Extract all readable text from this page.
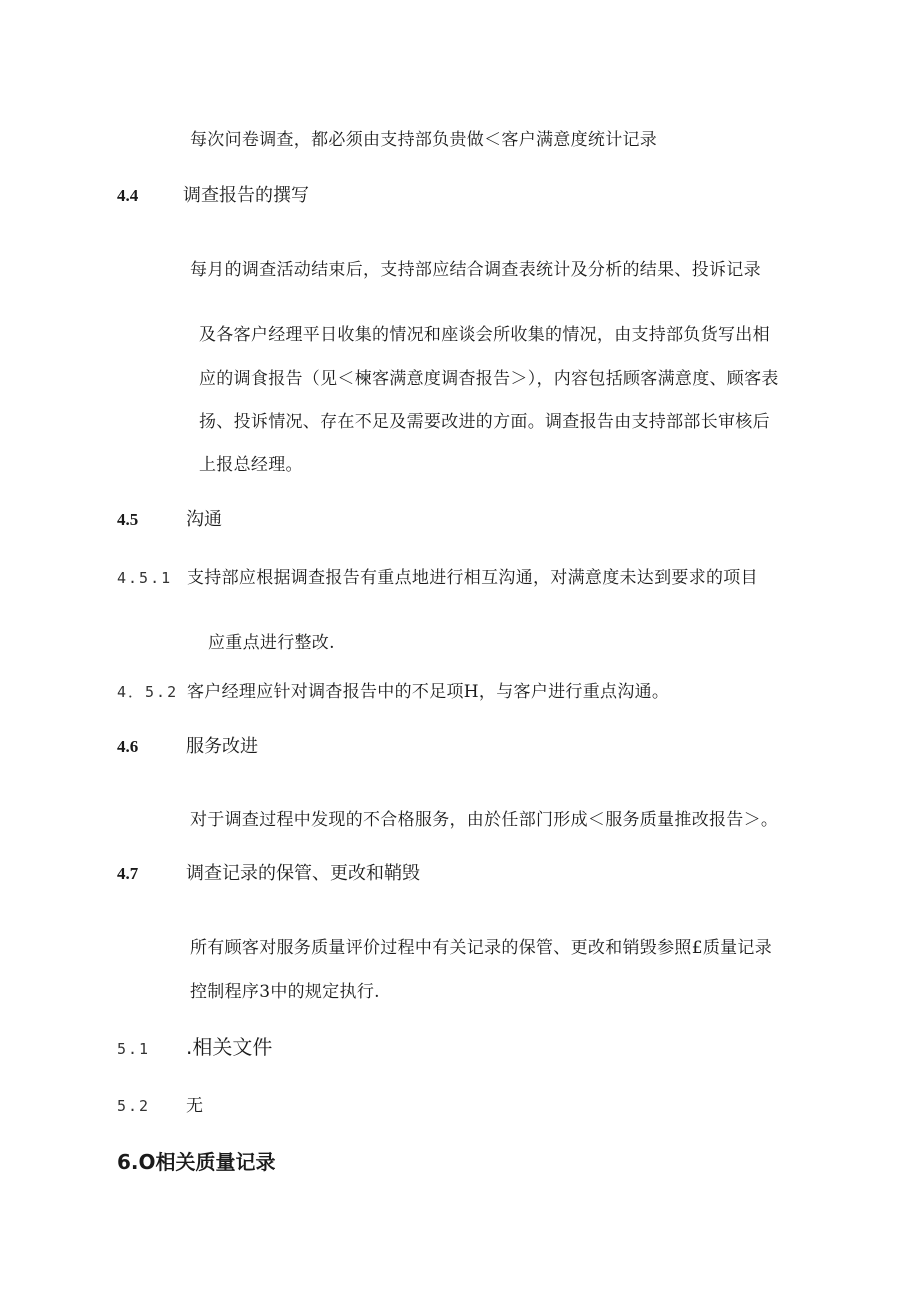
每次问卷调查，都必须由支持部负贵做＜客户满意度统计记录
4.4 调查报告的撰写
每月的调查活动结束后，支持部应结合调查表统计及分析的结果、投诉记录
及各客户经理平日收集的情况和座谈会所收集的情况，由支持部负货写出相
应的调食报告（见＜楝客满意度调杳报告＞），内容包括顾客满意度、顾客表
扬、投诉情况、存在不足及需要改进的方面。调查报告由支持部部长审核后
上报总经理。
4.5	沟通
4.5.1 支持部应根据调查报告有重点地进行相互沟通，对满意度未达到要求的项目
应重点进行整改.
4．5.2 客户经理应针对调杳报告中的不足项H，与客户进行重点沟通。
4.6	服务改进
对于调查过程中发现的不合格服务，由於任部门形成＜服务质量推改报告＞。
4.7	调查记录的保管、更改和鞘毁
所有顾客对服务质量评价过程中有关记录的保管、更改和销毁参照£质量记录
控制程序3中的规定执行.
5.1 .相关文件
5.2 无
6.O相关质量记录
